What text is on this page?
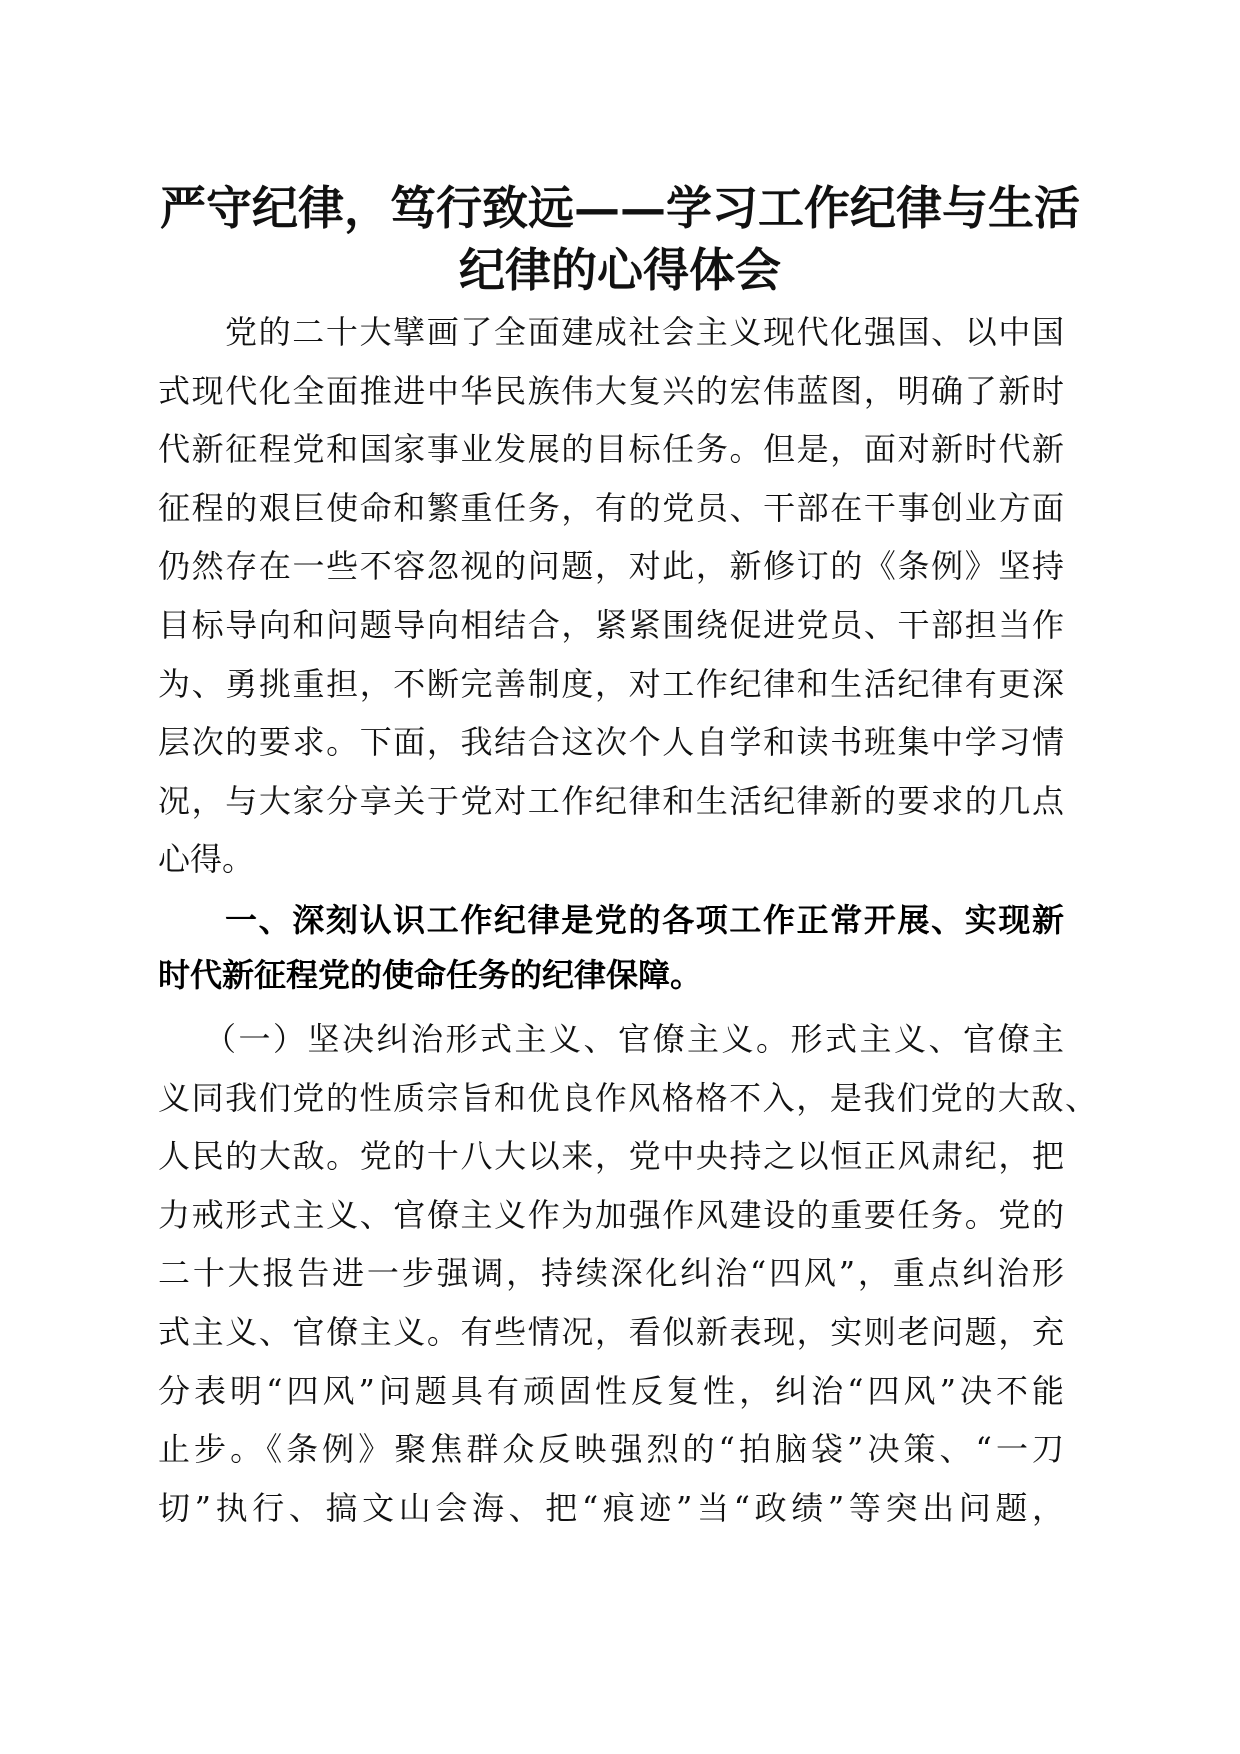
严守纪律，笃行致远——学习工作纪律与生活
纪律的心得体会
党的二十大擘画了全面建成社会主义现代化强国、以中国
式现代化全面推进中华民族伟大复兴的宏伟蓝图，明确了新时
代新征程党和国家事业发展的目标任务。但是，面对新时代新
征程的艰巨使命和繁重任务，有的党员、干部在干事创业方面
仍然存在一些不容忽视的问题，对此，新修订的《条例》坚持
目标导向和问题导向相结合，紧紧围绕促进党员、干部担当作
为、勇挑重担，不断完善制度，对工作纪律和生活纪律有更深
层次的要求。下面，我结合这次个人自学和读书班集中学习情
况，与大家分享关于党对工作纪律和生活纪律新的要求的几点
心得。
一、深刻认识工作纪律是党的各项工作正常开展、实现新
时代新征程党的使命任务的纪律保障。
（一）坚决纠治形式主义、官僚主义。形式主义、官僚主
义同我们党的性质宗旨和优良作风格格不入，是我们党的大敌、
人民的大敌。党的十八大以来，党中央持之以恒正风肃纪，把
力戒形式主义、官僚主义作为加强作风建设的重要任务。党的
二十大报告进一步强调，持续深化纠治“四风”，重点纠治形
式主义、官僚主义。有些情况，看似新表现，实则老问题，充
分表明“四风”问题具有顽固性反复性，纠治“四风”决不能
止步。《条例》聚焦群众反映强烈的“拍脑袋”决策、“一刀
切”执行、搞文山会海、把“痕迹”当“政绩”等突出问题，
